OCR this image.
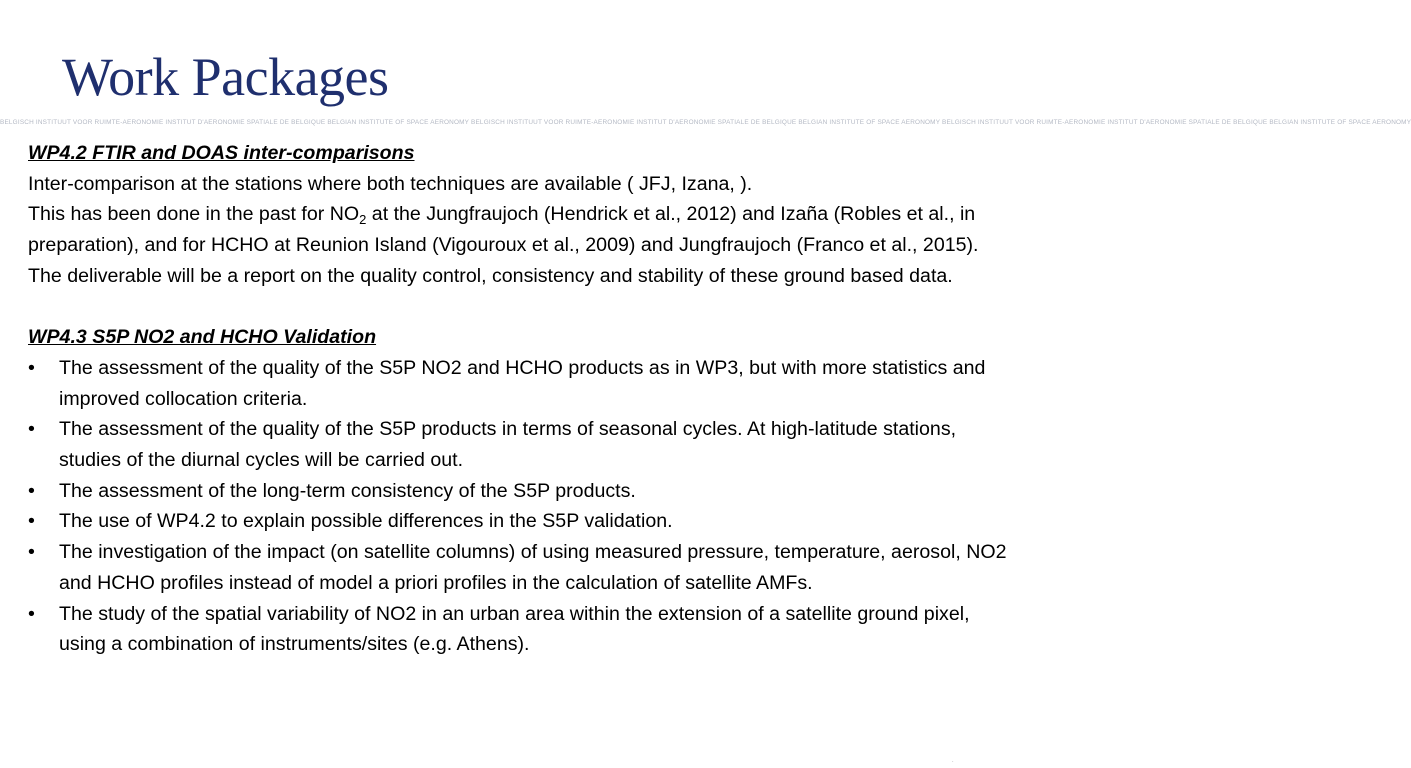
Work Packages
BELGISCH INSTITUUT VOOR RUIMTE-AERONOMIE INSTITUT D'AERONOMIE SPATIALE DE BELGIQUE BELGIAN INSTITUTE OF SPACE AERONOMY BELGISCH INSTITUUT VOOR RUIMTE-AERONOMIE INSTITUT D'AERONOMIE SPATIALE DE BELGIQUE BELGIAN INSTITUTE OF SPACE AERONOMY BELGISCH INSTITUUT VOOR RUIMTE-AERONOMIE INSTITUT D'AERONOMIE SPATIALE DE BELGIQUE BELGIAN INSTITUTE OF SPACE AERONOMY

WP4.2 FTIR and DOAS inter-comparisons

Inter-comparison at the stations where both techniques are available ( JFJ, Izana, ).

This has been done in the past for $NO_2$ at the Jungfraujoch (Hendrick et al., 2012) and Izaña (Robles et al., in preparation), and for HCHO at Reunion Island (Vigouroux et al., 2009) and Jungfraujoch (Franco et al., 2015).

The deliverable will be a report on the quality control, consistency and stability of these ground based data.

WP4.3 S5P NO2 and HCHO Validation

• The assessment of the quality of the S5P NO2 and HCHO products as in WP3, but with more statistics and improved collocation criteria.
• The assessment of the quality of the S5P products in terms of seasonal cycles. At high-latitude stations, studies of the diurnal cycles will be carried out.
• The assessment of the long-term consistency of the S5P products.
• The use of WP4.2 to explain possible differences in the S5P validation.
• The investigation of the impact (on satellite columns) of using measured pressure, temperature, aerosol, NO2 and HCHO profiles instead of model a priori profiles in the calculation of satellite AMFs.
• The study of the spatial variability of NO2 in an urban area within the extension of a satellite ground pixel, using a combination of instruments/sites (e.g. Athens).
·
